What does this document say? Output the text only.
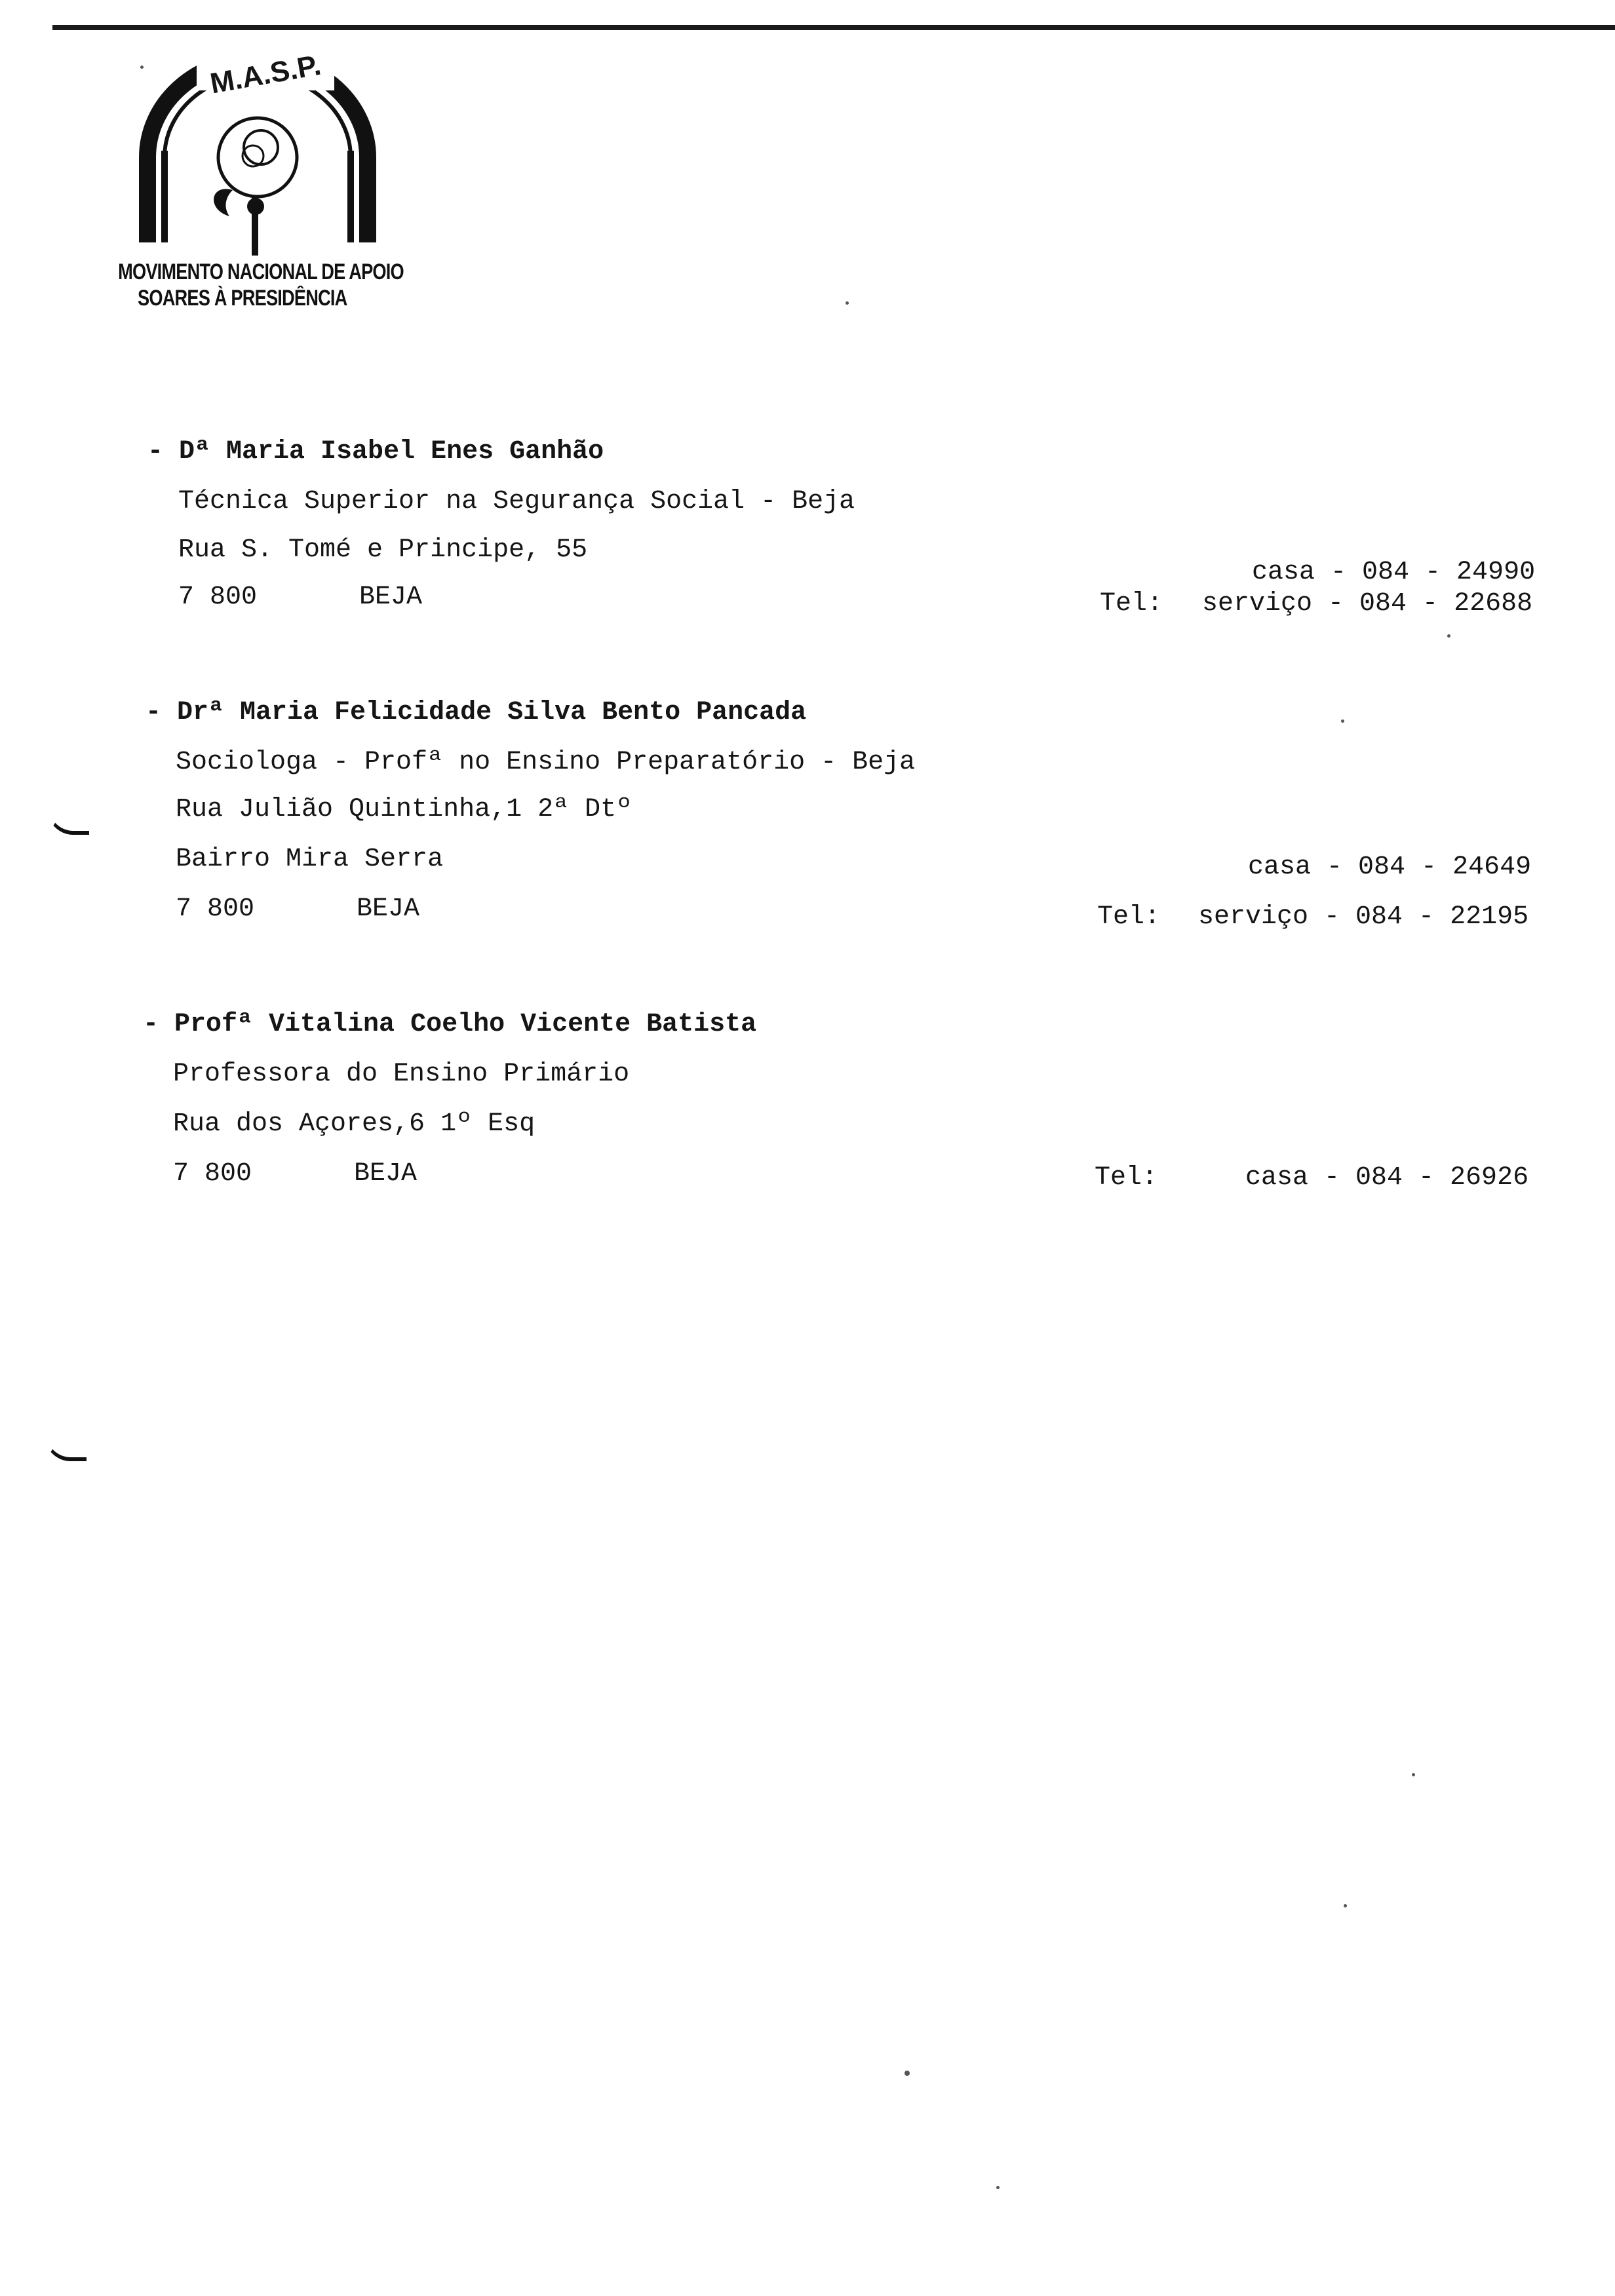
M.A.S.P.
MOVIMENTO NACIONAL DE APOIO
SOARES À PRESIDÊNCIA
- Dª Maria Isabel Enes Ganhão
Técnica Superior na Segurança Social - Beja
Rua S. Tomé e Principe, 55
7 800	BEJA	Tel:
casa - 084 - 24990
serviço - 084 - 22688
- Drª Maria Felicidade Silva Bento Pancada
Sociologa - Profª no Ensino Preparatório - Beja
Rua Julião Quintinha,1 2ª Dtº
Bairro Mira Serra
7 800	BEJA	Tel:
casa - 084 - 24649
serviço - 084 - 22195
- Profª Vitalina Coelho Vicente Batista
Professora do Ensino Primário
Rua dos Açores,6 1º Esq
7 800	BEJA	Tel:	casa - 084 - 26926
